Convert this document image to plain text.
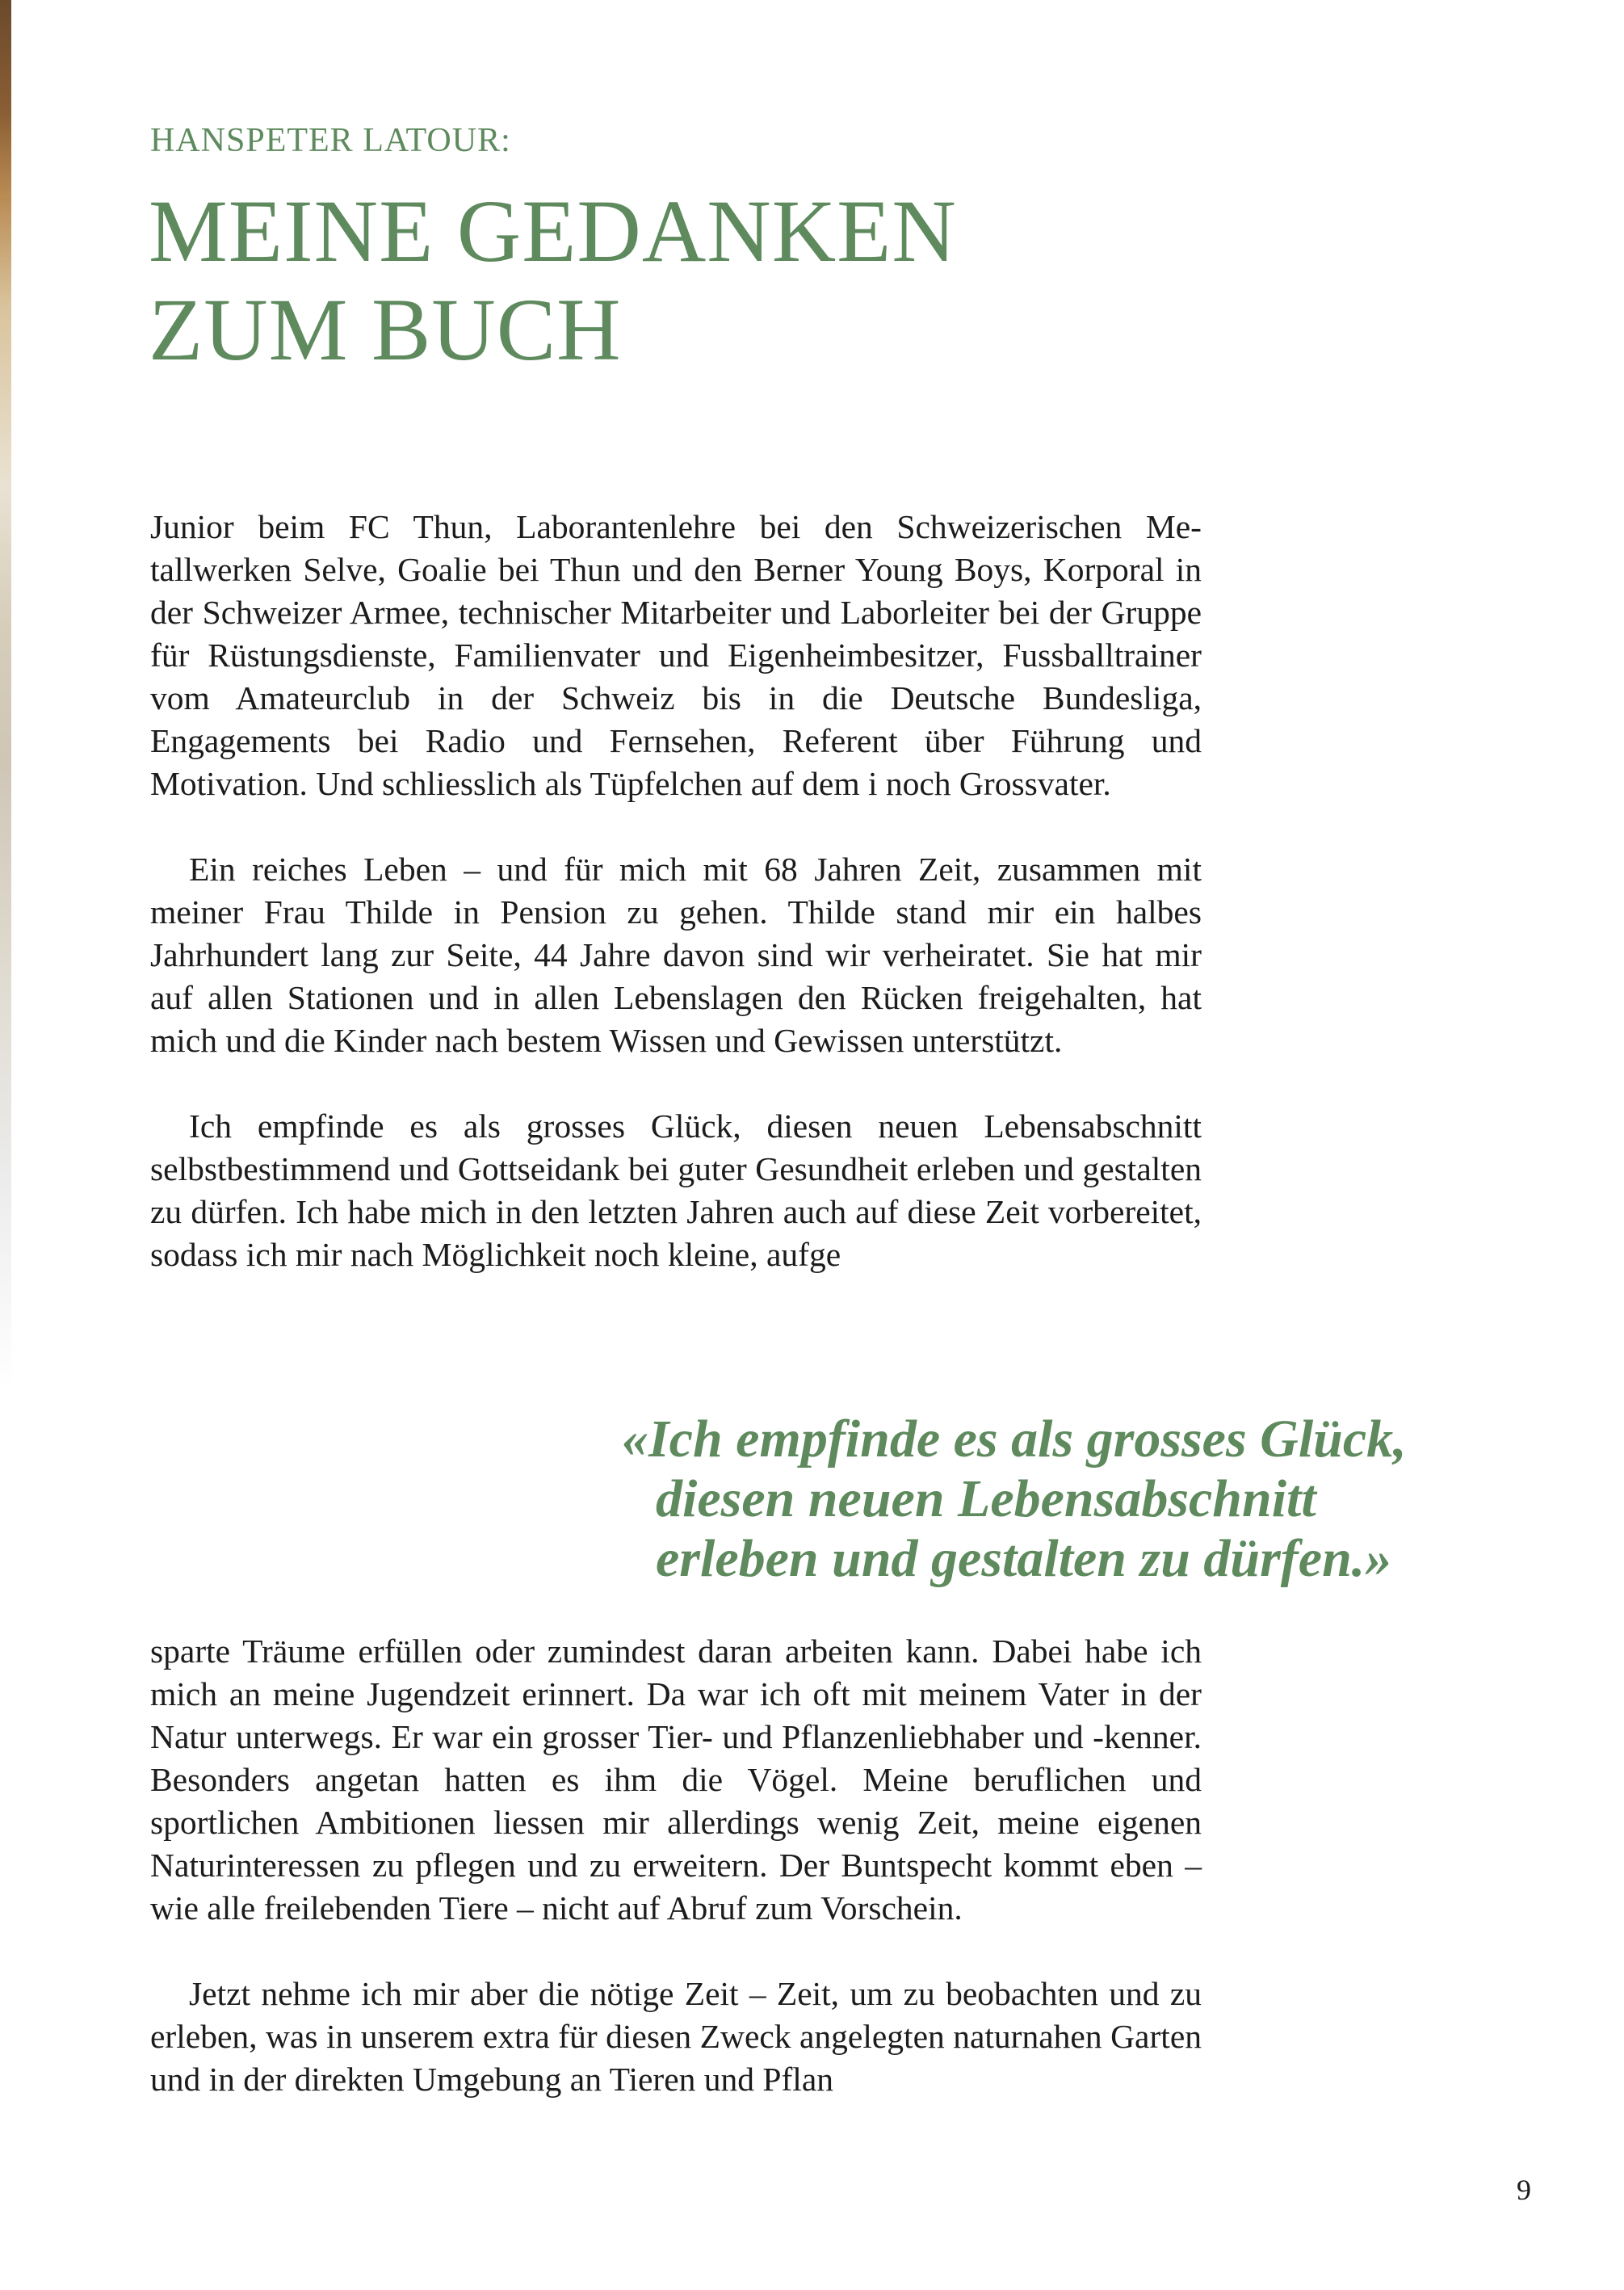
HANSPETER LATOUR:
MEINE GEDANKEN
ZUM BUCH

Junior beim FC Thun, Laborantenlehre bei den Schweizerischen Metallwerken Selve, Goalie bei Thun und den Berner Young Boys, Korporal in der Schweizer Armee, technischer Mitarbeiter und Laborleiter bei der Gruppe für Rüstungsdienste, Familienvater und Eigenheimbesitzer, Fussballtrainer vom Amateurclub in der Schweiz bis in die Deutsche Bundesliga, Engagements bei Radio und Fernsehen, Referent über Führung und Motivation. Und schliesslich als Tüpfelchen auf dem i noch Grossvater.

Ein reiches Leben – und für mich mit 68 Jahren Zeit, zusammen mit meiner Frau Thilde in Pension zu gehen. Thilde stand mir ein halbes Jahrhundert lang zur Seite, 44 Jahre davon sind wir verheiratet. Sie hat mir auf allen Stationen und in allen Lebenslagen den Rücken freigehalten, hat mich und die Kinder nach bestem Wissen und Gewissen unterstützt.

Ich empfinde es als grosses Glück, diesen neuen Lebensabschnitt selbstbestimmend und Gottseidank bei guter Gesundheit erleben und gestalten zu dürfen. Ich habe mich in den letzten Jahren auch auf diese Zeit vorbereitet, sodass ich mir nach Möglichkeit noch kleine, aufge

«Ich empfinde es als grosses Glück,
diesen neuen Lebensabschnitt
erleben und gestalten zu dürfen.»

sparte Träume erfüllen oder zumindest daran arbeiten kann. Dabei habe ich mich an meine Jugendzeit erinnert. Da war ich oft mit meinem Vater in der Natur unterwegs. Er war ein grosser Tier- und Pflanzenliebhaber und -kenner. Besonders angetan hatten es ihm die Vögel. Meine beruflichen und sportlichen Ambitionen liessen mir allerdings wenig Zeit, meine eigenen Naturinteressen zu pflegen und zu erweitern. Der Buntspecht kommt eben – wie alle freilebenden Tiere – nicht auf Abruf zum Vorschein.

Jetzt nehme ich mir aber die nötige Zeit – Zeit, um zu beobachten und zu erleben, was in unserem extra für diesen Zweck angelegten naturnahen Garten und in der direkten Umgebung an Tieren und Pflan

9
